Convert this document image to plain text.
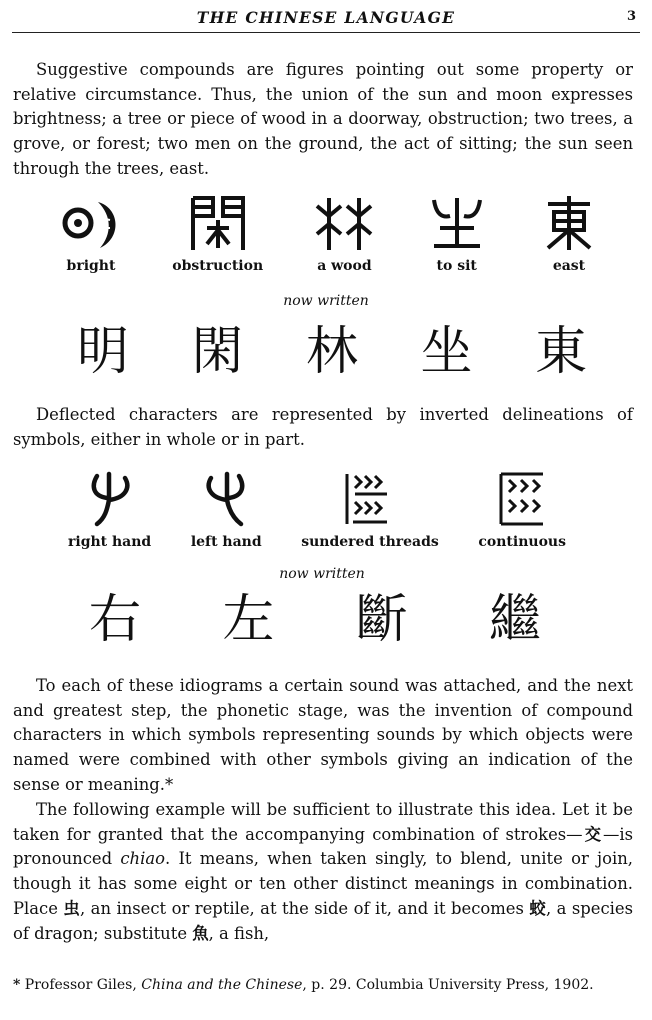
THE CHINESE LANGUAGE	3

Suggestive compounds are figures pointing out some property or relative circumstance. Thus, the union of the sun and moon expresses brightness; a tree or piece of wood in a doorway, obstruction; two trees, a grove, or forest; two men on the ground, the act of sitting; the sun seen through the trees, east.

bright	obstruction	a wood	to sit	east
now written
明	閑	林	坐	東

Deflected characters are represented by inverted delineations of symbols, either in whole or in part.

right hand	left hand	sundered threads	continuous
now written
右	左	斷	繼

To each of these idiograms a certain sound was attached, and the next and greatest step, the phonetic stage, was the invention of compound characters in which symbols representing sounds by which objects were named were combined with other symbols giving an indication of the sense or meaning.*

The following example will be sufficient to illustrate this idea. Let it be taken for granted that the accompanying combination of strokes—交—is pronounced chiao. It means, when taken singly, to blend, unite or join, though it has some eight or ten other distinct meanings in combination. Place 虫, an insect or reptile, at the side of it, and it becomes 蛟, a species of dragon; substitute 魚, a fish,

* Professor Giles, China and the Chinese, p. 29. Columbia University Press, 1902.
